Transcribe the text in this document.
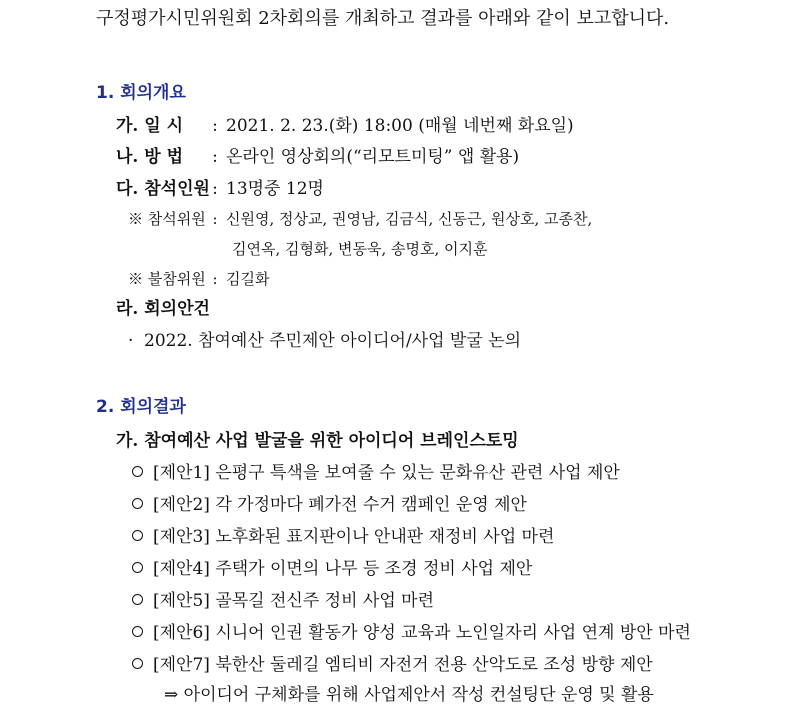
구정평가시민위원회 2차회의를 개최하고 결과를 아래와 같이 보고합니다.
1. 회의개요
가. 일 시 : 2021. 2. 23.(화) 18:00 (매월 네번째 화요일)
나. 방 법 : 온라인 영상회의(“리모트미팅” 앱 활용)
다. 참석인원 : 13명중 12명
※ 참석위원 : 신원영, 정상교, 권영남, 김금식, 신동근, 원상호, 고종찬,
김연옥, 김형화, 변동욱, 송명호, 이지훈
※ 불참위원 : 김길화
라. 회의안건
· 2022. 참여예산 주민제안 아이디어/사업 발굴 논의
2. 회의결과
가. 참여예산 사업 발굴을 위한 아이디어 브레인스토밍
[제안1] 은평구 특색을 보여줄 수 있는 문화유산 관련 사업 제안
[제안2] 각 가정마다 폐가전 수거 캠페인 운영 제안
[제안3] 노후화된 표지판이나 안내판 재정비 사업 마련
[제안4] 주택가 이면의 나무 등 조경 정비 사업 제안
[제안5] 골목길 전신주 정비 사업 마련
[제안6] 시니어 인권 활동가 양성 교육과 노인일자리 사업 연계 방안 마련
[제안7] 북한산 둘레길 엠티비 자전거 전용 산악도로 조성 방향 제안
⇒ 아이디어 구체화를 위해 사업제안서 작성 컨설팅단 운영 및 활용
